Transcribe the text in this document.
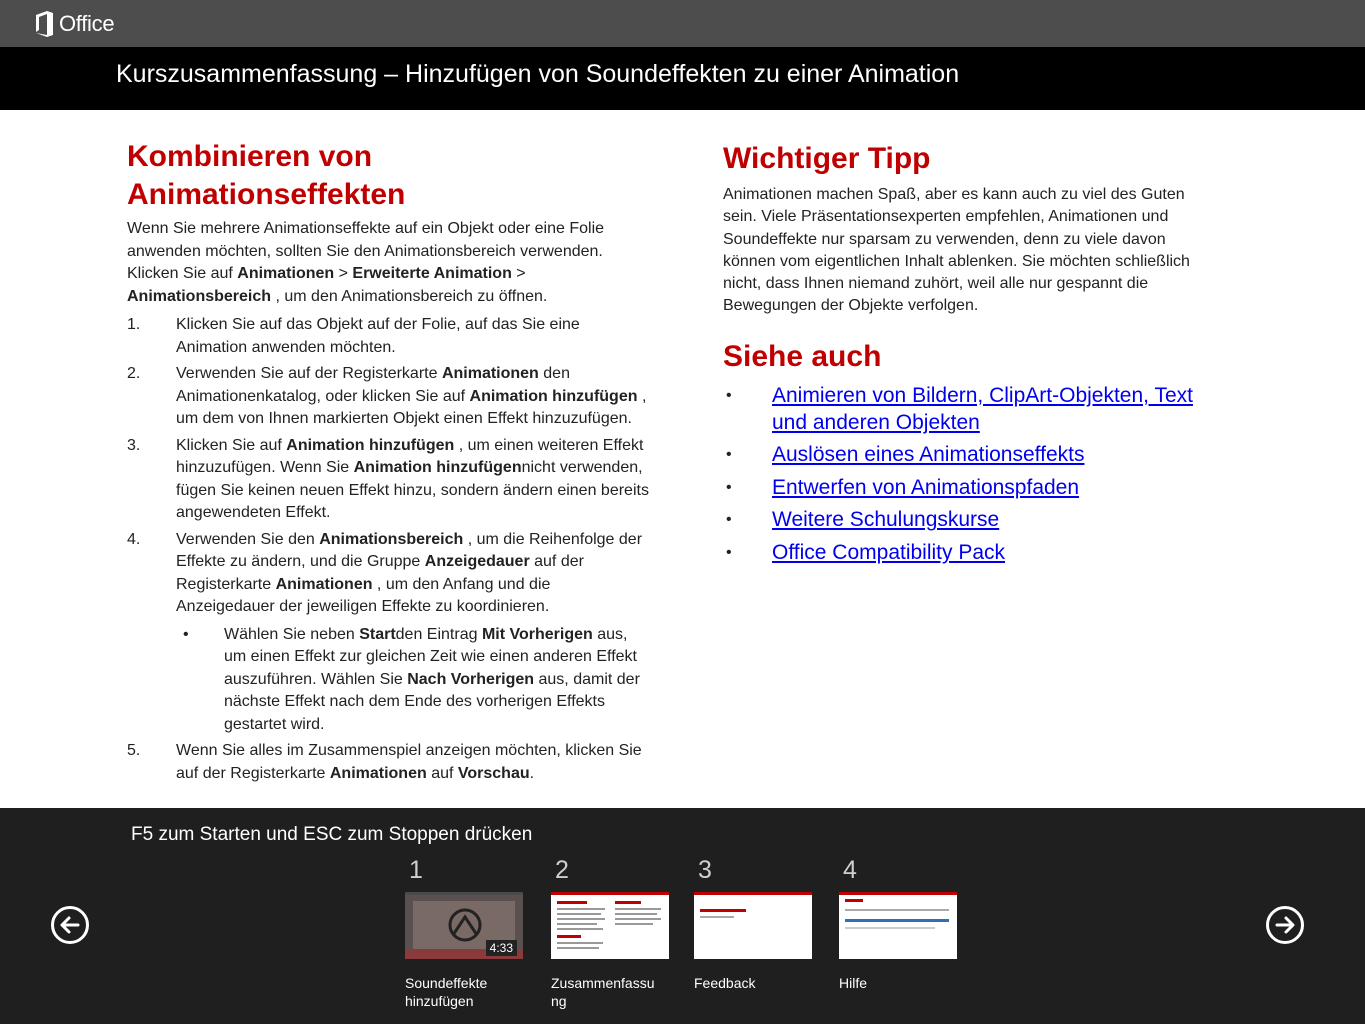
Office
Kurszusammenfassung – Hinzufügen von Soundeffekten zu einer Animation
Kombinieren von Animationseffekten

Wenn Sie mehrere Animationseffekte auf ein Objekt oder eine Folie anwenden möchten, sollten Sie den Animationsbereich verwenden. Klicken Sie auf Animationen > Erweiterte Animation > Animationsbereich , um den Animationsbereich zu öffnen.

1. Klicken Sie auf das Objekt auf der Folie, auf das Sie eine Animation anwenden möchten.
2. Verwenden Sie auf der Registerkarte Animationen den Animationenkatalog, oder klicken Sie auf Animation hinzufügen , um dem von Ihnen markierten Objekt einen Effekt hinzuzufügen.
3. Klicken Sie auf Animation hinzufügen , um einen weiteren Effekt hinzuzufügen. Wenn Sie Animation hinzufügennicht verwenden, fügen Sie keinen neuen Effekt hinzu, sondern ändern einen bereits angewendeten Effekt.
4. Verwenden Sie den Animationsbereich , um die Reihenfolge der Effekte zu ändern, und die Gruppe Anzeigedauer auf der Registerkarte Animationen , um den Anfang und die Anzeigedauer der jeweiligen Effekte zu koordinieren.
• Wählen Sie neben Startden Eintrag Mit Vorherigen aus, um einen Effekt zur gleichen Zeit wie einen anderen Effekt auszuführen. Wählen Sie Nach Vorherigen aus, damit der nächste Effekt nach dem Ende des vorherigen Effekts gestartet wird.
5. Wenn Sie alles im Zusammenspiel anzeigen möchten, klicken Sie auf der Registerkarte Animationen auf Vorschau.
Wichtiger Tipp

Animationen machen Spaß, aber es kann auch zu viel des Guten sein. Viele Präsentationsexperten empfehlen, Animationen und Soundeffekte nur sparsam zu verwenden, denn zu viele davon können vom eigentlichen Inhalt ablenken. Sie möchten schließlich nicht, dass Ihnen niemand zuhört, weil alle nur gespannt die Bewegungen der Objekte verfolgen.

Siehe auch
• Animieren von Bildern, ClipArt-Objekten, Text und anderen Objekten
• Auslösen eines Animationseffekts
• Entwerfen von Animationspfaden
• Weitere Schulungskurse
• Office Compatibility Pack
F5 zum Starten und ESC zum Stoppen drücken
1
4:33
Soundeffekte hinzufügen
2
Zusammenfassu ng
3
Feedback
4
Hilfe
